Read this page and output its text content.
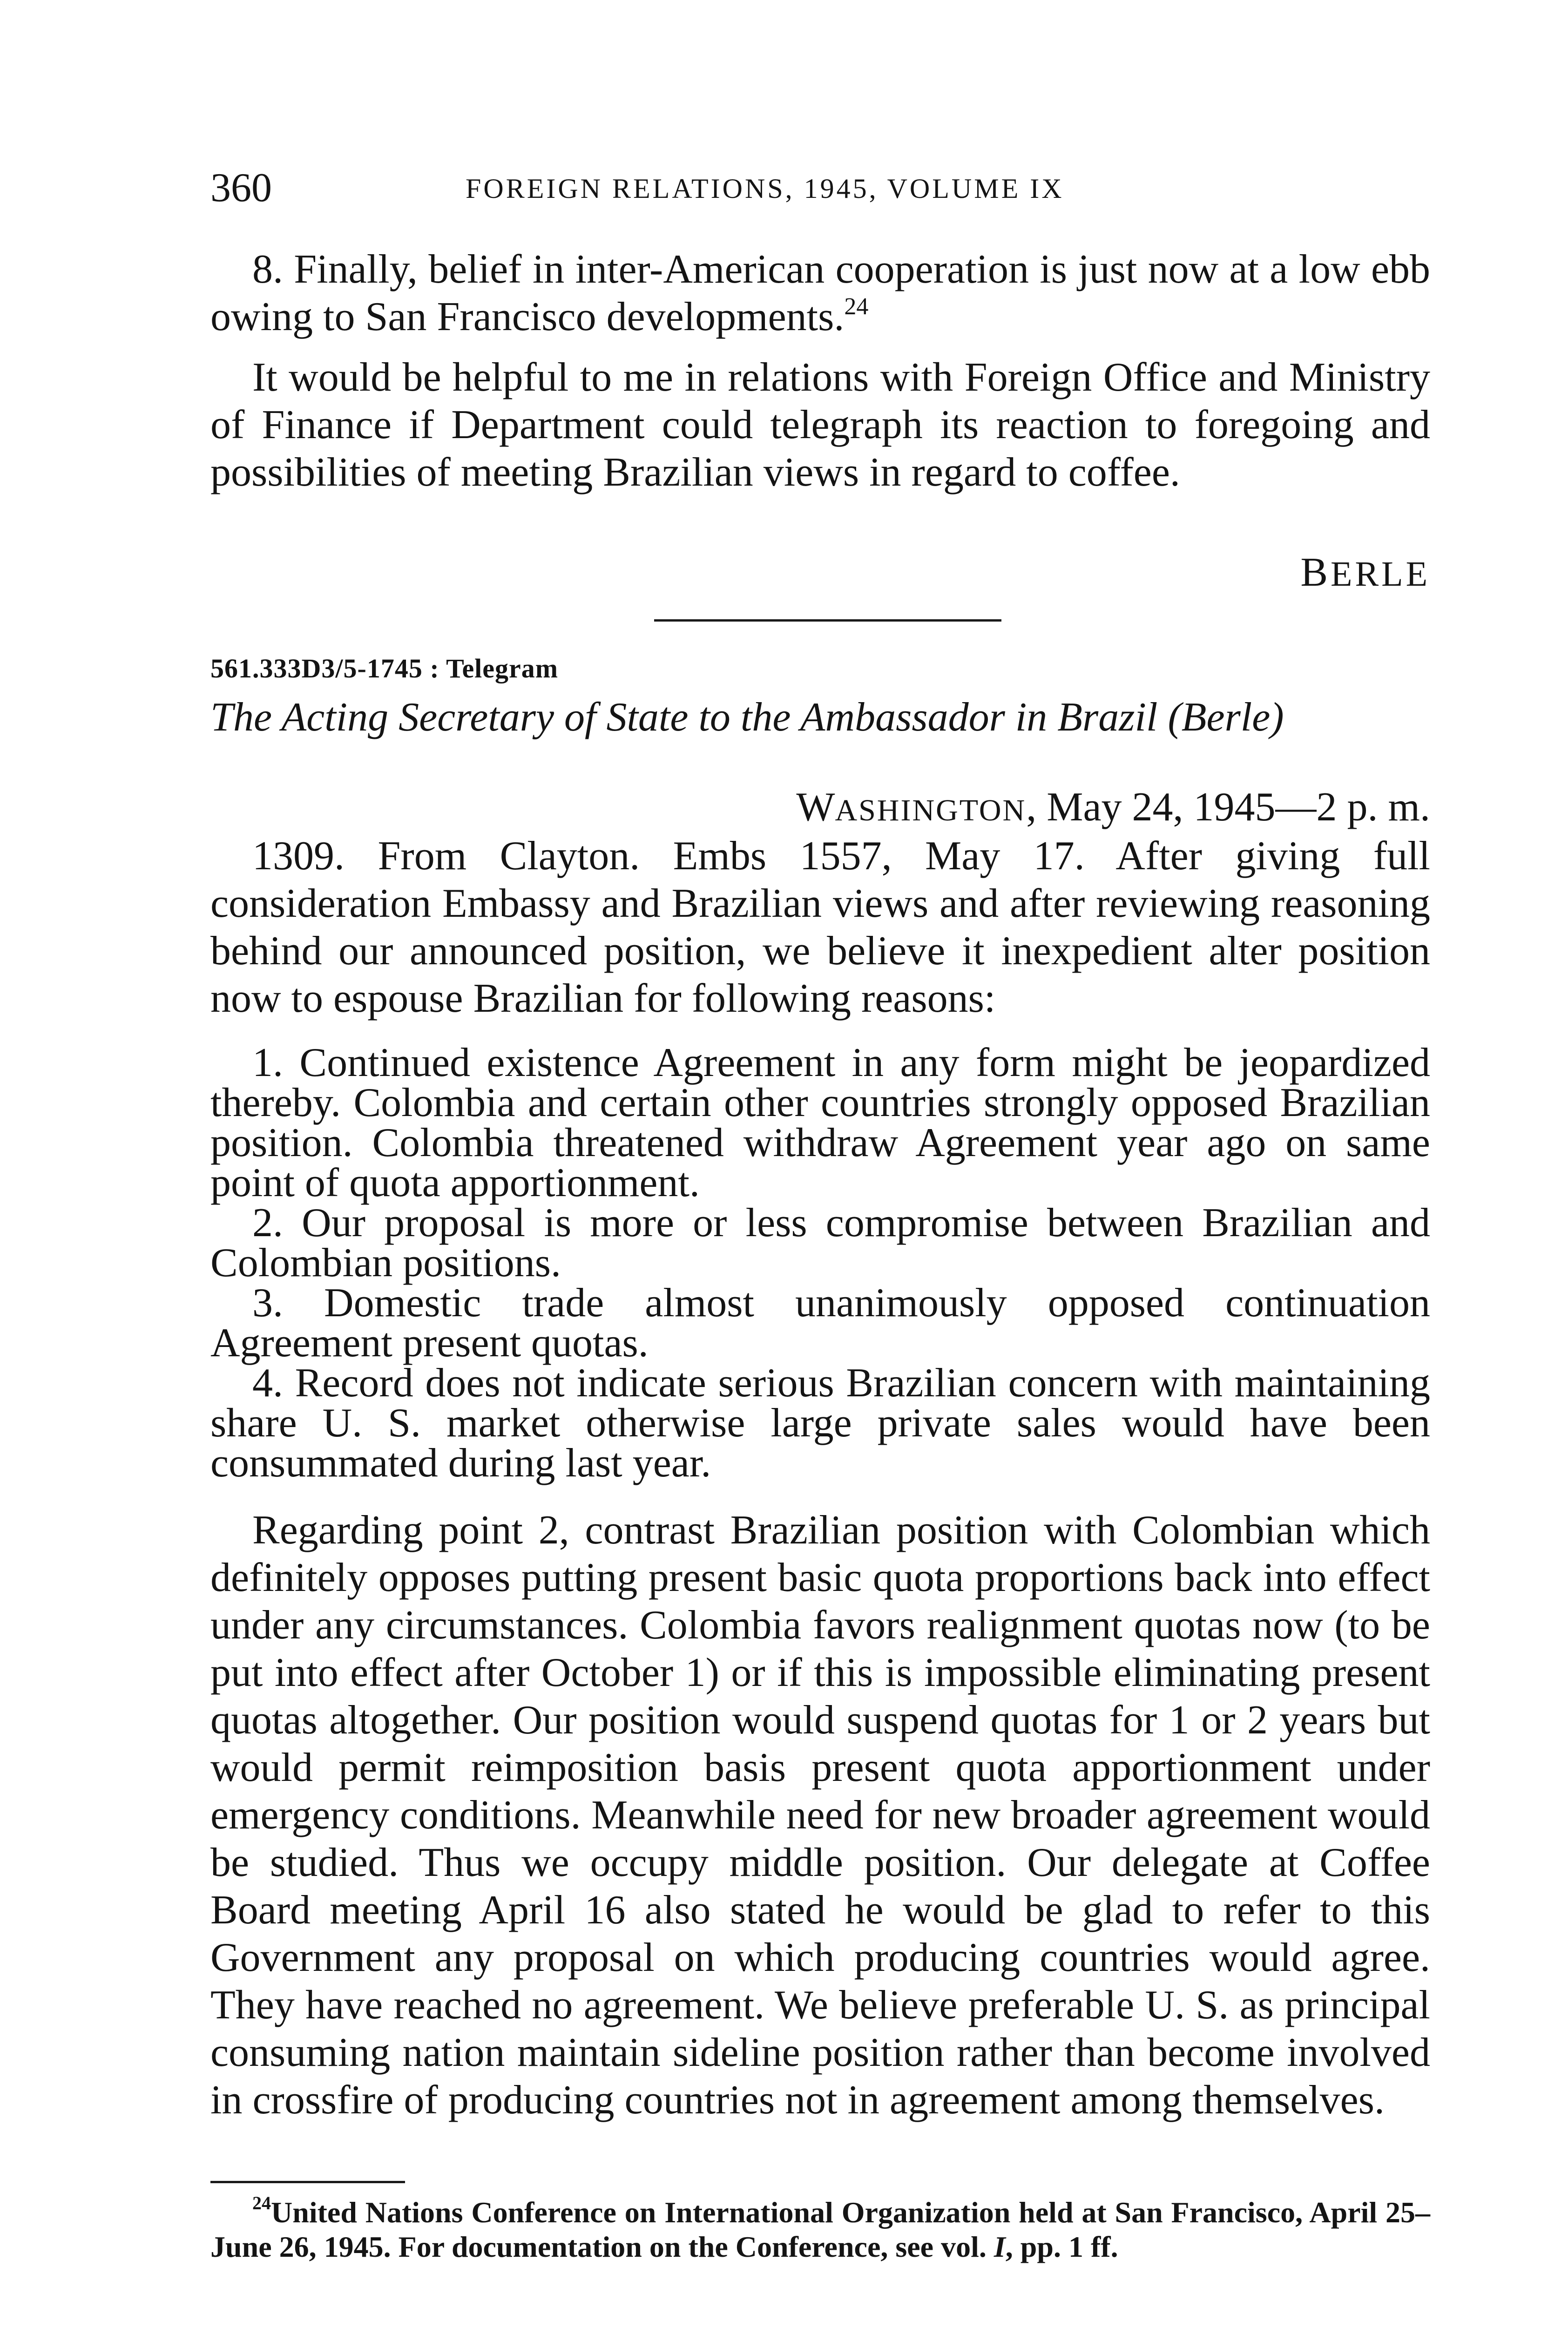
360	FOREIGN RELATIONS, 1945, VOLUME IX

8. Finally, belief in inter-American cooperation is just now at a low ebb owing to San Francisco developments.$^{24}$

It would be helpful to me in relations with Foreign Office and Ministry of Finance if Department could telegraph its reaction to foregoing and possibilities of meeting Brazilian views in regard to coffee.

BERLE
561.333D3/5-1745 : Telegram
The Acting Secretary of State to the Ambassador in Brazil (Berle)
WASHINGTON, May 24, 1945—2 p. m.

1309. From Clayton. Embs 1557, May 17. After giving full consideration Embassy and Brazilian views and after reviewing reasoning behind our announced position, we believe it inexpedient alter position now to espouse Brazilian for following reasons:

1. Continued existence Agreement in any form might be jeopardized thereby. Colombia and certain other countries strongly opposed Brazilian position. Colombia threatened withdraw Agreement year ago on same point of quota apportionment.

2. Our proposal is more or less compromise between Brazilian and Colombian positions.

3. Domestic trade almost unanimously opposed continuation Agreement present quotas.

4. Record does not indicate serious Brazilian concern with maintaining share U. S. market otherwise large private sales would have been consummated during last year.

Regarding point 2, contrast Brazilian position with Colombian which definitely opposes putting present basic quota proportions back into effect under any circumstances. Colombia favors realignment quotas now (to be put into effect after October 1) or if this is impossible eliminating present quotas altogether. Our position would suspend quotas for 1 or 2 years but would permit reimposition basis present quota apportionment under emergency conditions. Meanwhile need for new broader agreement would be studied. Thus we occupy middle position. Our delegate at Coffee Board meeting April 16 also stated he would be glad to refer to this Government any proposal on which producing countries would agree. They have reached no agreement. We believe preferable U. S. as principal consuming nation maintain sideline position rather than become involved in crossfire of producing countries not in agreement among themselves.

$^{24}$United Nations Conference on International Organization held at San Francisco, April 25–June 26, 1945. For documentation on the Conference, see vol. I, pp. 1 ff.
